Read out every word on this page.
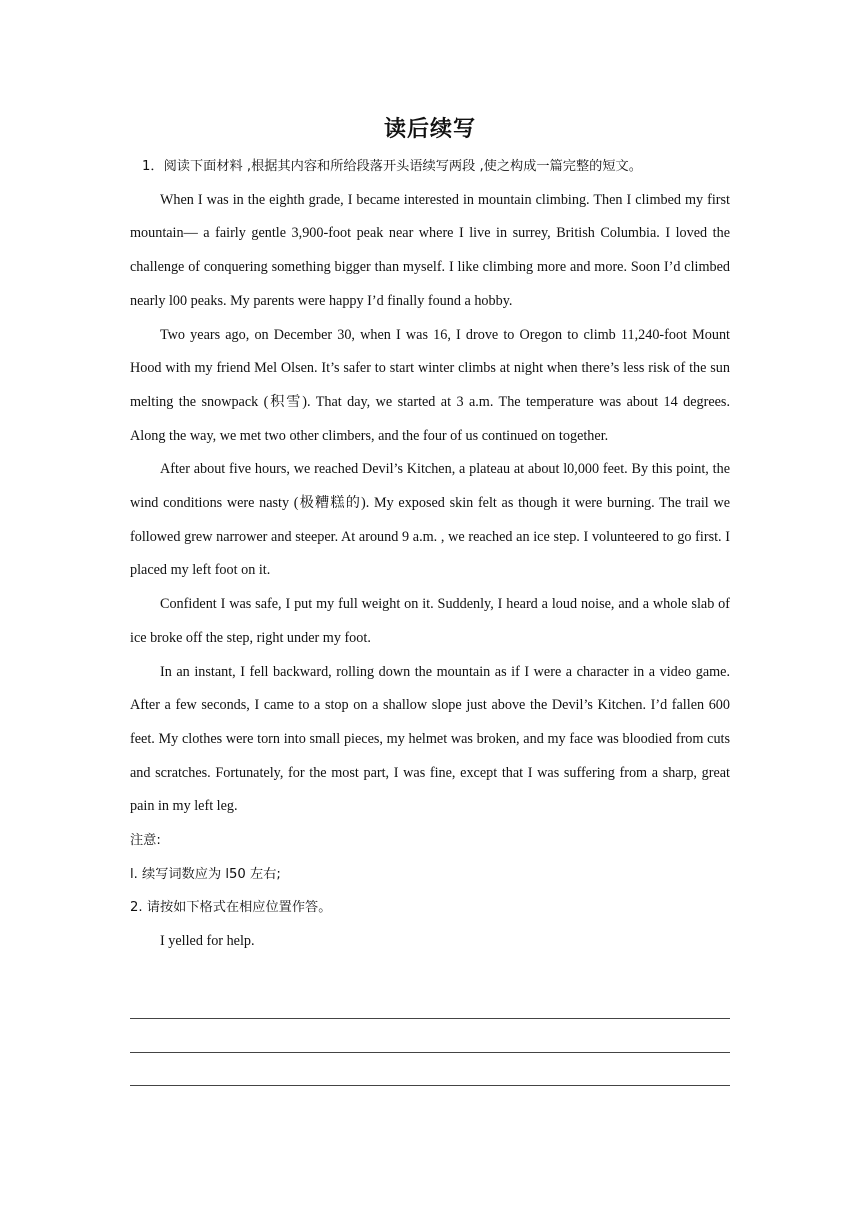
读后续写

1．阅读下面材料 ,根据其内容和所给段落开头语续写两段 ,使之构成一篇完整的短文。

When I was in the eighth grade, I became interested in mountain climbing. Then I climbed my first mountain— a fairly gentle 3,900-foot peak near where I live in surrey, British Columbia. I loved the challenge of conquering something bigger than myself. I like climbing more and more. Soon I’d climbed nearly l00 peaks. My parents were happy I’d finally found a hobby.

Two years ago, on December 30, when I was 16, I drove to Oregon to climb 11,240-foot Mount Hood with my friend Mel Olsen. It’s safer to start winter climbs at night when there’s less risk of the sun melting the snowpack (积雪). That day, we started at 3 a.m. The temperature was about 14 degrees. Along the way, we met two other climbers, and the four of us continued on together.

After about five hours, we reached Devil’s Kitchen, a plateau at about l0,000 feet. By this point, the wind conditions were nasty (极糟糕的). My exposed skin felt as though it were burning. The trail we followed grew narrower and steeper. At around 9 a.m. , we reached an ice step. I volunteered to go first. I placed my left foot on it.

Confident I was safe, I put my full weight on it. Suddenly, I heard a loud noise, and a whole slab of ice broke off the step, right under my foot.

In an instant, I fell backward, rolling down the mountain as if I were a character in a video game. After a few seconds, I came to a stop on a shallow slope just above the Devil’s Kitchen. I’d fallen 600 feet. My clothes were torn into small pieces, my helmet was broken, and my face was bloodied from cuts and scratches. Fortunately, for the most part, I was fine, except that I was suffering from a sharp, great pain in my left leg.

注意:

l. 续写词数应为 l50 左右;

2. 请按如下格式在相应位置作答。

I yelled for help.
